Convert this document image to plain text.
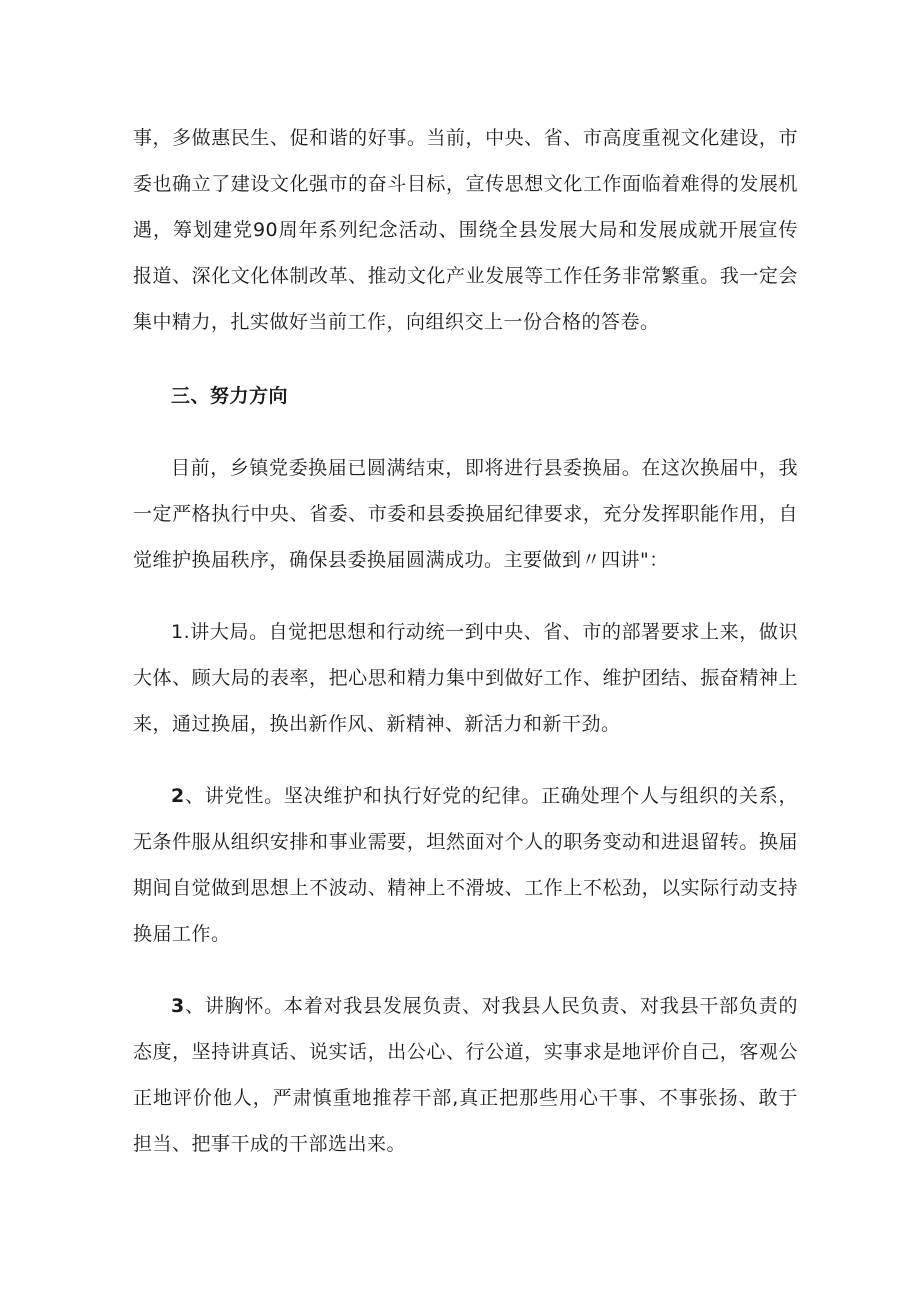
事，多做惠民生、促和谐的好事。当前，中央、省、市高度重视文化建设，市委也确立了建设文化强市的奋斗目标，宣传思想文化工作面临着难得的发展机遇，筹划建党90周年系列纪念活动、围绕全县发展大局和发展成就开展宣传报道、深化文化体制改革、推动文化产业发展等工作任务非常繁重。我一定会集中精力，扎实做好当前工作，向组织交上一份合格的答卷。

三、努力方向

目前，乡镇党委换届已圆满结束，即将进行县委换届。在这次换届中，我一定严格执行中央、省委、市委和县委换届纪律要求，充分发挥职能作用，自觉维护换届秩序，确保县委换届圆满成功。主要做到〃四讲"：

1.讲大局。自觉把思想和行动统一到中央、省、市的部署要求上来，做识大体、顾大局的表率，把心思和精力集中到做好工作、维护团结、振奋精神上来，通过换届，换出新作风、新精神、新活力和新干劲。

2、讲党性。坚决维护和执行好党的纪律。正确处理个人与组织的关系，无条件服从组织安排和事业需要，坦然面对个人的职务变动和进退留转。换届期间自觉做到思想上不波动、精神上不滑坡、工作上不松劲，以实际行动支持换届工作。

3、讲胸怀。本着对我县发展负责、对我县人民负责、对我县干部负责的态度，坚持讲真话、说实话，出公心、行公道，实事求是地评价自己，客观公正地评价他人，严肃慎重地推荐干部,真正把那些用心干事、不事张扬、敢于担当、把事干成的干部选出来。
